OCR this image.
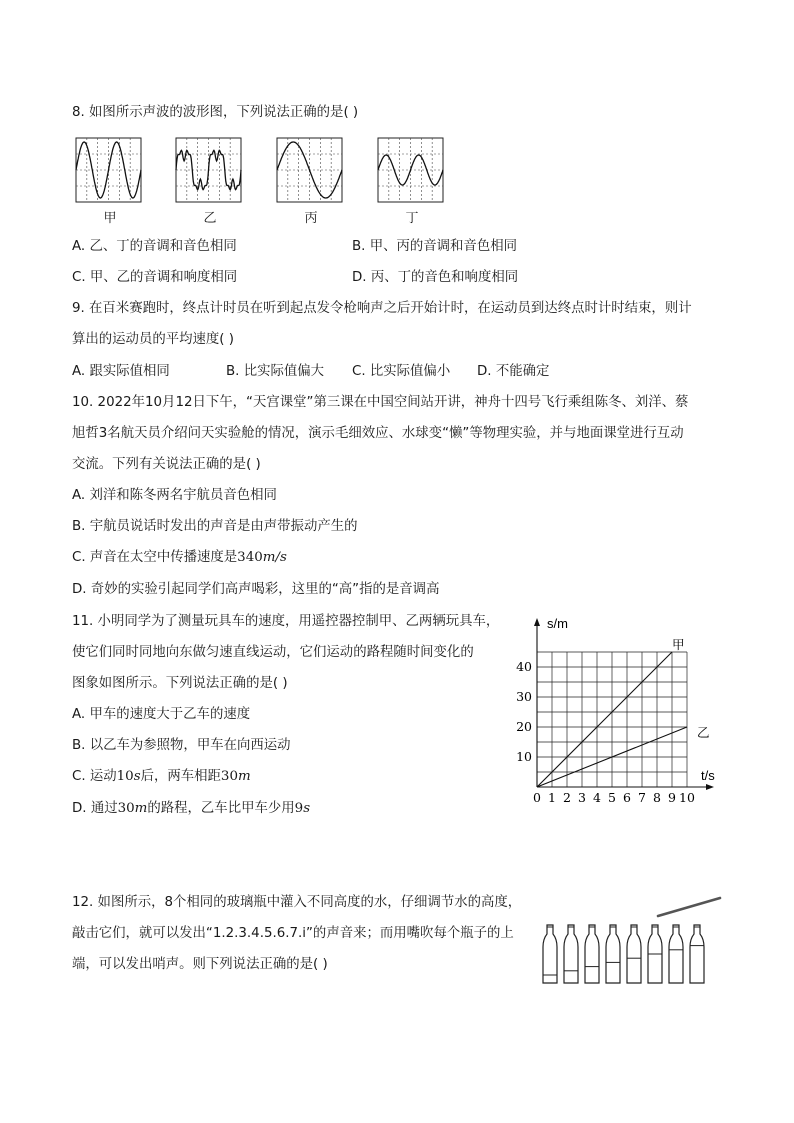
8. 如图所示声波的波形图，下列说法正确的是( )
甲	乙	丙	丁
A. 乙、丁的音调和音色相同	B. 甲、丙的音调和音色相同
C. 甲、乙的音调和响度相同	D. 丙、丁的音色和响度相同
9. 在百米赛跑时，终点计时员在听到起点发令枪响声之后开始计时，在运动员到达终点时计时结束，则计
算出的运动员的平均速度( )
A. 跟实际值相同	B. 比实际值偏大 C. 比实际值偏小 D. 不能确定
10. 2022年10月12日下午，“天宫课堂”第三课在中国空间站开讲，神舟十四号飞行乘组陈冬、刘洋、蔡
旭哲3名航天员介绍问天实验舱的情况，演示毛细效应、水球变“懒”等物理实验，并与地面课堂进行互动
交流。下列有关说法正确的是( )
A. 刘洋和陈冬两名宇航员音色相同
B. 宇航员说话时发出的声音是由声带振动产生的
C. 声音在太空中传播速度是340m/s
D. 奇妙的实验引起同学们高声喝彩，这里的“高”指的是音调高
11. 小明同学为了测量玩具车的速度，用遥控器控制甲、乙两辆玩具车，
使它们同时同地向东做匀速直线运动，它们运动的路程随时间变化的
图象如图所示。下列说法正确的是( )
A. 甲车的速度大于乙车的速度
B. 以乙车为参照物，甲车在向西运动
C. 运动10s后，两车相距30m
D. 通过30m的路程，乙车比甲车少用9s
s/m
t/s
0 1 2 3 4 5 6 7 8 9 10
10
20
30
40
甲
乙
12. 如图所示，8个相同的玻璃瓶中灌入不同高度的水，仔细调节水的高度，
敲击它们，就可以发出“1.2.3.4.5.6.7.i”的声音来；而用嘴吹每个瓶子的上
端，可以发出哨声。则下列说法正确的是( )
